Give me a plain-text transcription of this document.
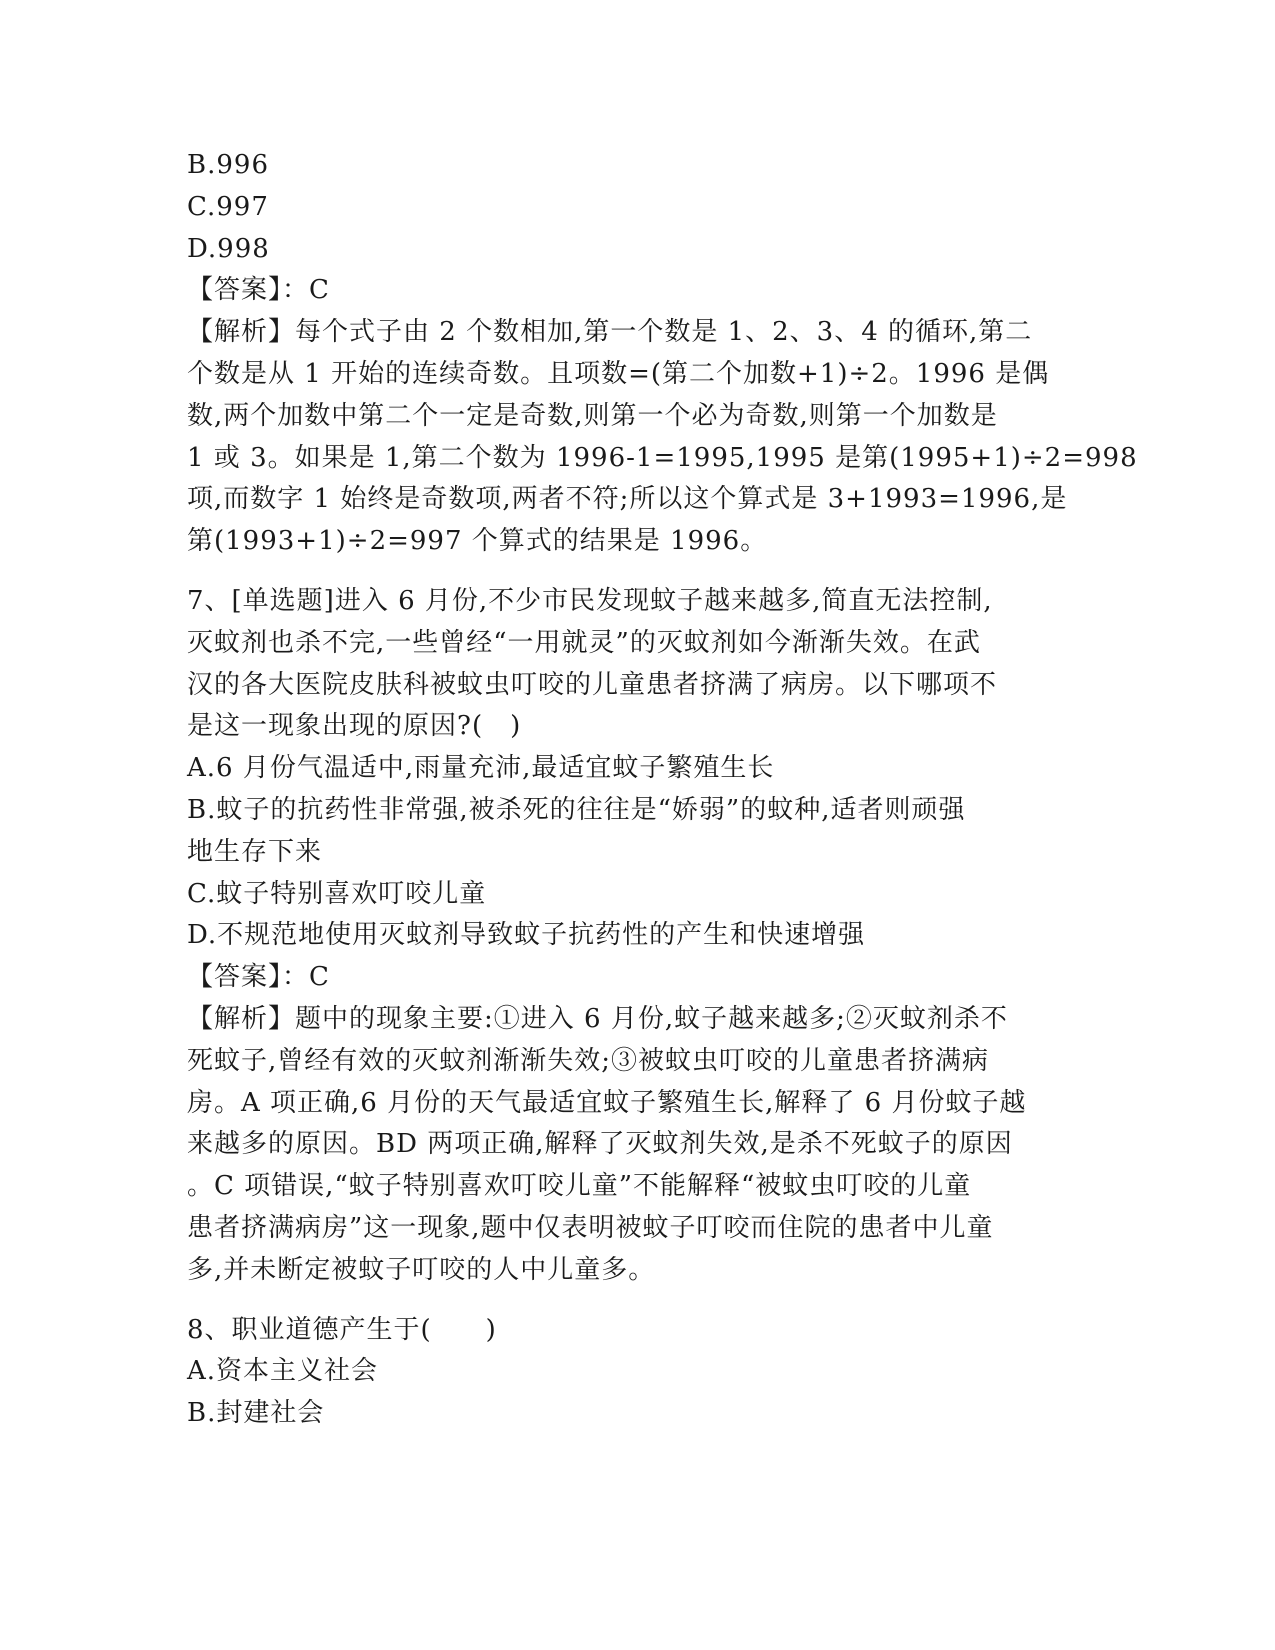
B.996
C.997
D.998
【答案】：C
【解析】每个式子由 2 个数相加,第一个数是 1、2、3、4 的循环,第二
个数是从 1 开始的连续奇数。且项数=(第二个加数+1)÷2。1996 是偶
数,两个加数中第二个一定是奇数,则第一个必为奇数,则第一个加数是
1 或 3。如果是 1,第二个数为 1996-1=1995,1995 是第(1995+1)÷2=998
项,而数字 1 始终是奇数项,两者不符;所以这个算式是 3+1993=1996,是
第(1993+1)÷2=997 个算式的结果是 1996。
7、[单选题]进入 6 月份,不少市民发现蚊子越来越多,简直无法控制,
灭蚊剂也杀不完,一些曾经“一用就灵”的灭蚊剂如今渐渐失效。在武
汉的各大医院皮肤科被蚊虫叮咬的儿童患者挤满了病房。以下哪项不
是这一现象出现的原因?(　)
A.6 月份气温适中,雨量充沛,最适宜蚊子繁殖生长
B.蚊子的抗药性非常强,被杀死的往往是“娇弱”的蚊种,适者则顽强
地生存下来
C.蚊子特别喜欢叮咬儿童
D.不规范地使用灭蚊剂导致蚊子抗药性的产生和快速增强
【答案】：C
【解析】题中的现象主要:①进入 6 月份,蚊子越来越多;②灭蚊剂杀不
死蚊子,曾经有效的灭蚊剂渐渐失效;③被蚊虫叮咬的儿童患者挤满病
房。A 项正确,6 月份的天气最适宜蚊子繁殖生长,解释了 6 月份蚊子越
来越多的原因。BD 两项正确,解释了灭蚊剂失效,是杀不死蚊子的原因
。C 项错误,“蚊子特别喜欢叮咬儿童”不能解释“被蚊虫叮咬的儿童
患者挤满病房”这一现象,题中仅表明被蚊子叮咬而住院的患者中儿童
多,并未断定被蚊子叮咬的人中儿童多。
8、职业道德产生于(　　)
A.资本主义社会
B.封建社会
